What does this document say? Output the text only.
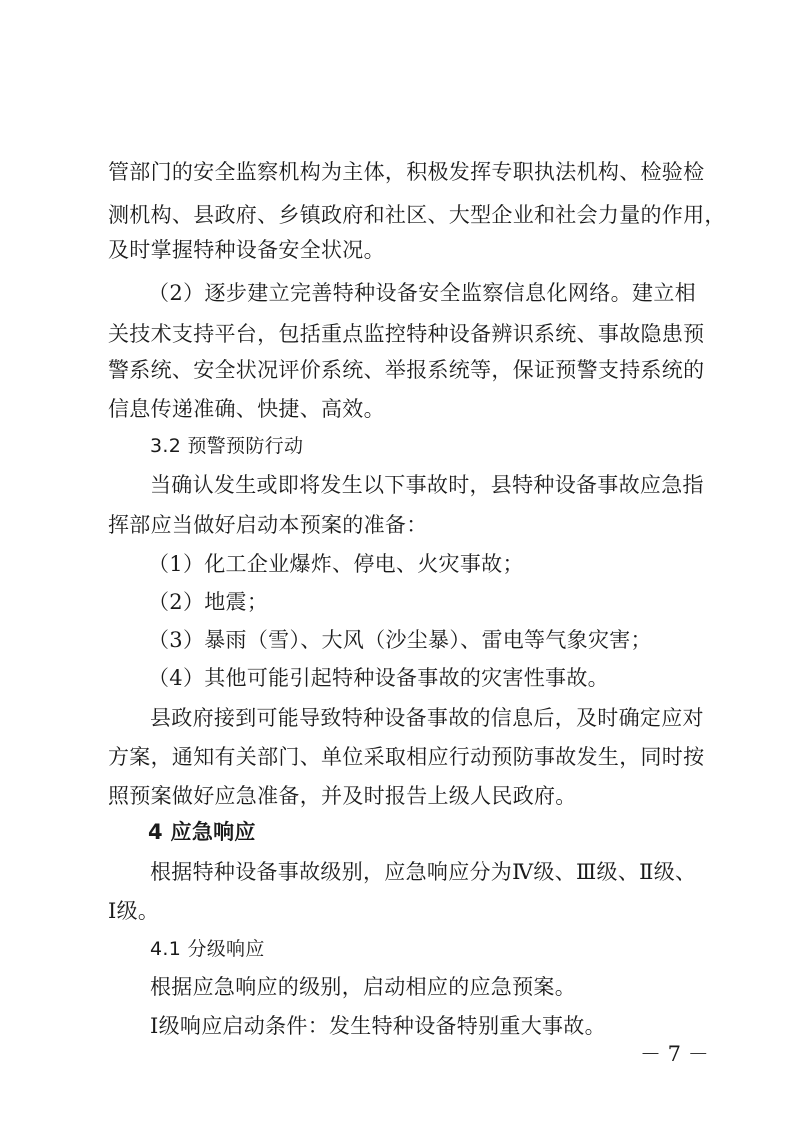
管部门的安全监察机构为主体，积极发挥专职执法机构、检验检
测机构、县政府、乡镇政府和社区、大型企业和社会力量的作用，
及时掌握特种设备安全状况。
（2）逐步建立完善特种设备安全监察信息化网络。建立相
关技术支持平台，包括重点监控特种设备辨识系统、事故隐患预
警系统、安全状况评价系统、举报系统等，保证预警支持系统的
信息传递准确、快捷、高效。
3.2 预警预防行动
当确认发生或即将发生以下事故时，县特种设备事故应急指
挥部应当做好启动本预案的准备：
（1）化工企业爆炸、停电、火灾事故；
（2）地震；
（3）暴雨（雪）、大风（沙尘暴）、雷电等气象灾害；
（4）其他可能引起特种设备事故的灾害性事故。
县政府接到可能导致特种设备事故的信息后，及时确定应对
方案，通知有关部门、单位采取相应行动预防事故发生，同时按
照预案做好应急准备，并及时报告上级人民政府。
4 应急响应
根据特种设备事故级别，应急响应分为Ⅳ级、Ⅲ级、Ⅱ级、
Ⅰ级。
4.1 分级响应
根据应急响应的级别，启动相应的应急预案。
Ⅰ级响应启动条件：发生特种设备特别重大事故。
－ 7 －
